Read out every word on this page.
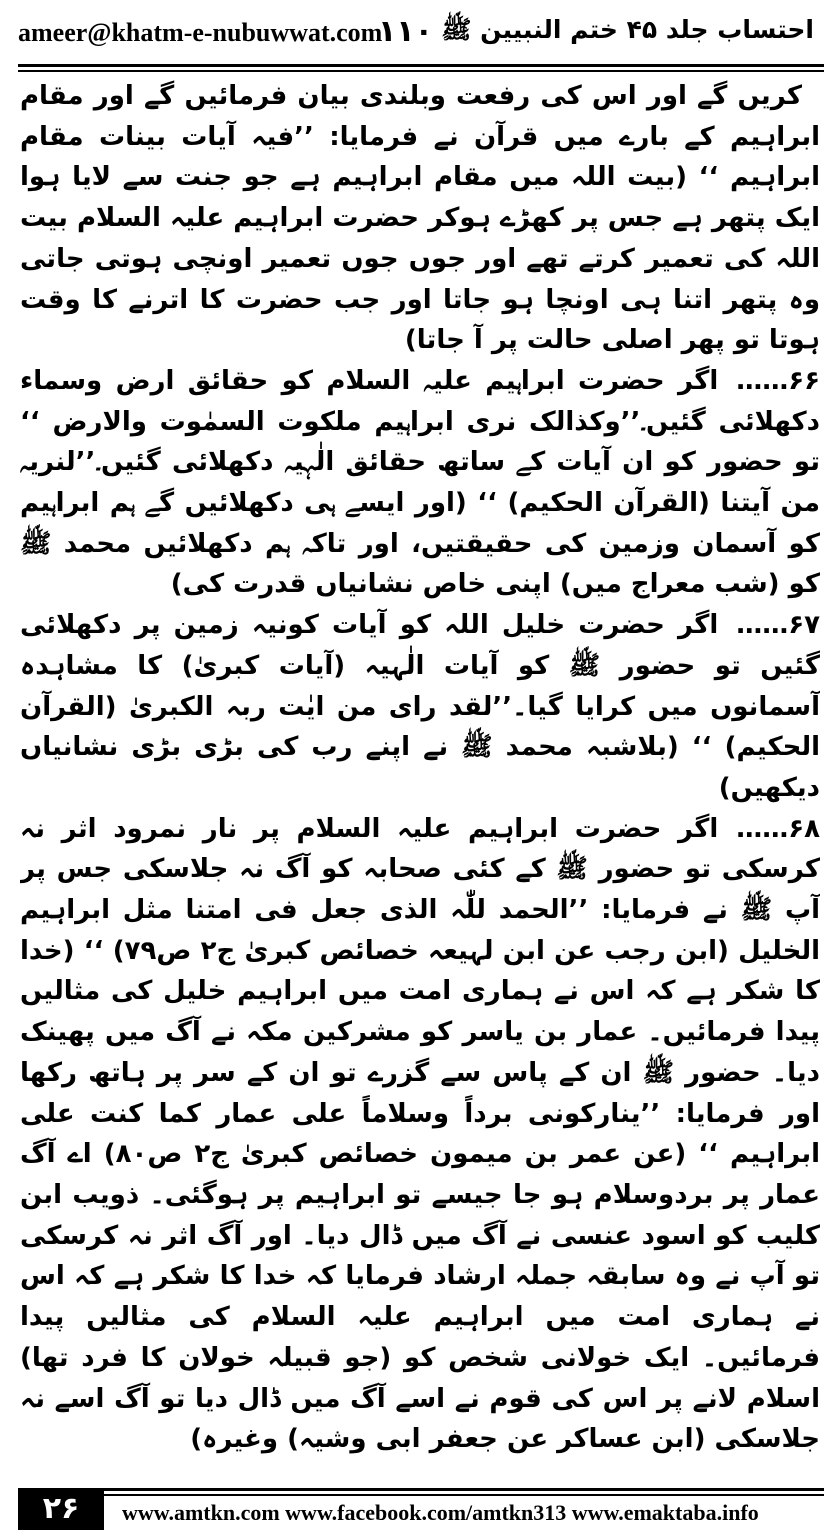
ameer@khatm-e-nubuwwat.com
۱۱۰ احتساب جلد ۴۵ ختم النبیین ﷺ

کریں گے اور اس کی رفعت وبلندی بیان فرمائیں گے اور مقام ابراہیم کے بارے میں قرآن نے فرمایا: ’’فیہ آیات بینات مقام ابراہیم ‘‘ (بیت اللہ میں مقام ابراہیم ہے جو جنت سے لایا ہوا ایک پتھر ہے جس پر کھڑے ہوکر حضرت ابراہیم علیہ السلام بیت اللہ کی تعمیر کرتے تھے اور جوں جوں تعمیر اونچی ہوتی جاتی وہ پتھر اتنا ہی اونچا ہو جاتا اور جب حضرت کا اترنے کا وقت ہوتا تو پھر اصلی حالت پر آ جاتا)

۶۶……اگر حضرت ابراہیم علیہ السلام کو حقائق ارض وسماء دکھلائی گئیں۔’’وکذالک نری ابراہیم ملکوت السمٰوت والارض ‘‘ تو حضور کو ان آیات کے ساتھ حقائق الٰہیہ دکھلائی گئیں۔’’لنریہ من آیتنا (القرآن الحکیم) ‘‘ (اور ایسے ہی دکھلائیں گے ہم ابراہیم کو آسمان وزمین کی حقیقتیں، اور تاکہ ہم دکھلائیں محمد ﷺ کو (شب معراج میں) اپنی خاص نشانیاں قدرت کی)

۶۷……اگر حضرت خلیل اللہ کو آیات کونیہ زمین پر دکھلائی گئیں تو حضور ﷺ کو آیات الٰہیہ (آیات کبریٰ) کا مشاہدہ آسمانوں میں کرایا گیا۔’’لقد رای من ایٰت ربہ الکبریٰ (القرآن الحکیم) ‘‘ (بلاشبہ محمد ﷺ نے اپنے رب کی بڑی بڑی نشانیاں دیکھیں)

۶۸……اگر حضرت ابراہیم علیہ السلام پر نار نمرود اثر نہ کرسکی تو حضور ﷺ کے کئی صحابہ کو آگ نہ جلاسکی جس پر آپ ﷺ نے فرمایا: ’’الحمد للّٰہ الذی جعل فی امتنا مثل ابراہیم الخلیل (ابن رجب عن ابن لہیعہ خصائص کبریٰ ج۲ ص۷۹) ‘‘ (خدا کا شکر ہے کہ اس نے ہماری امت میں ابراہیم خلیل کی مثالیں پیدا فرمائیں۔ عمار بن یاسر کو مشرکین مکہ نے آگ میں پھینک دیا۔ حضور ﷺ ان کے پاس سے گزرے تو ان کے سر پر ہاتھ رکھا اور فرمایا: ’’ینارکونی برداً وسلاماً علی عمار کما کنت علی ابراہیم ‘‘ (عن عمر بن میمون خصائص کبریٰ ج۲ ص۸۰) اے آگ عمار پر بردوسلام ہو جا جیسے تو ابراہیم پر ہوگئی۔ ذویب ابن کلیب کو اسود عنسی نے آگ میں ڈال دیا۔ اور آگ اثر نہ کرسکی تو آپ نے وہ سابقہ جملہ ارشاد فرمایا کہ خدا کا شکر ہے کہ اس نے ہماری امت میں ابراہیم علیہ السلام کی مثالیں پیدا فرمائیں۔ ایک خولانی شخص کو (جو قبیلہ خولان کا فرد تھا) اسلام لانے پر اس کی قوم نے اسے آگ میں ڈال دیا تو آگ اسے نہ جلاسکی (ابن عساکر عن جعفر ابی وشیہ) وغیرہ)

۲۶	www.amtkn.com www.facebook.com/amtkn313 www.emaktaba.info
